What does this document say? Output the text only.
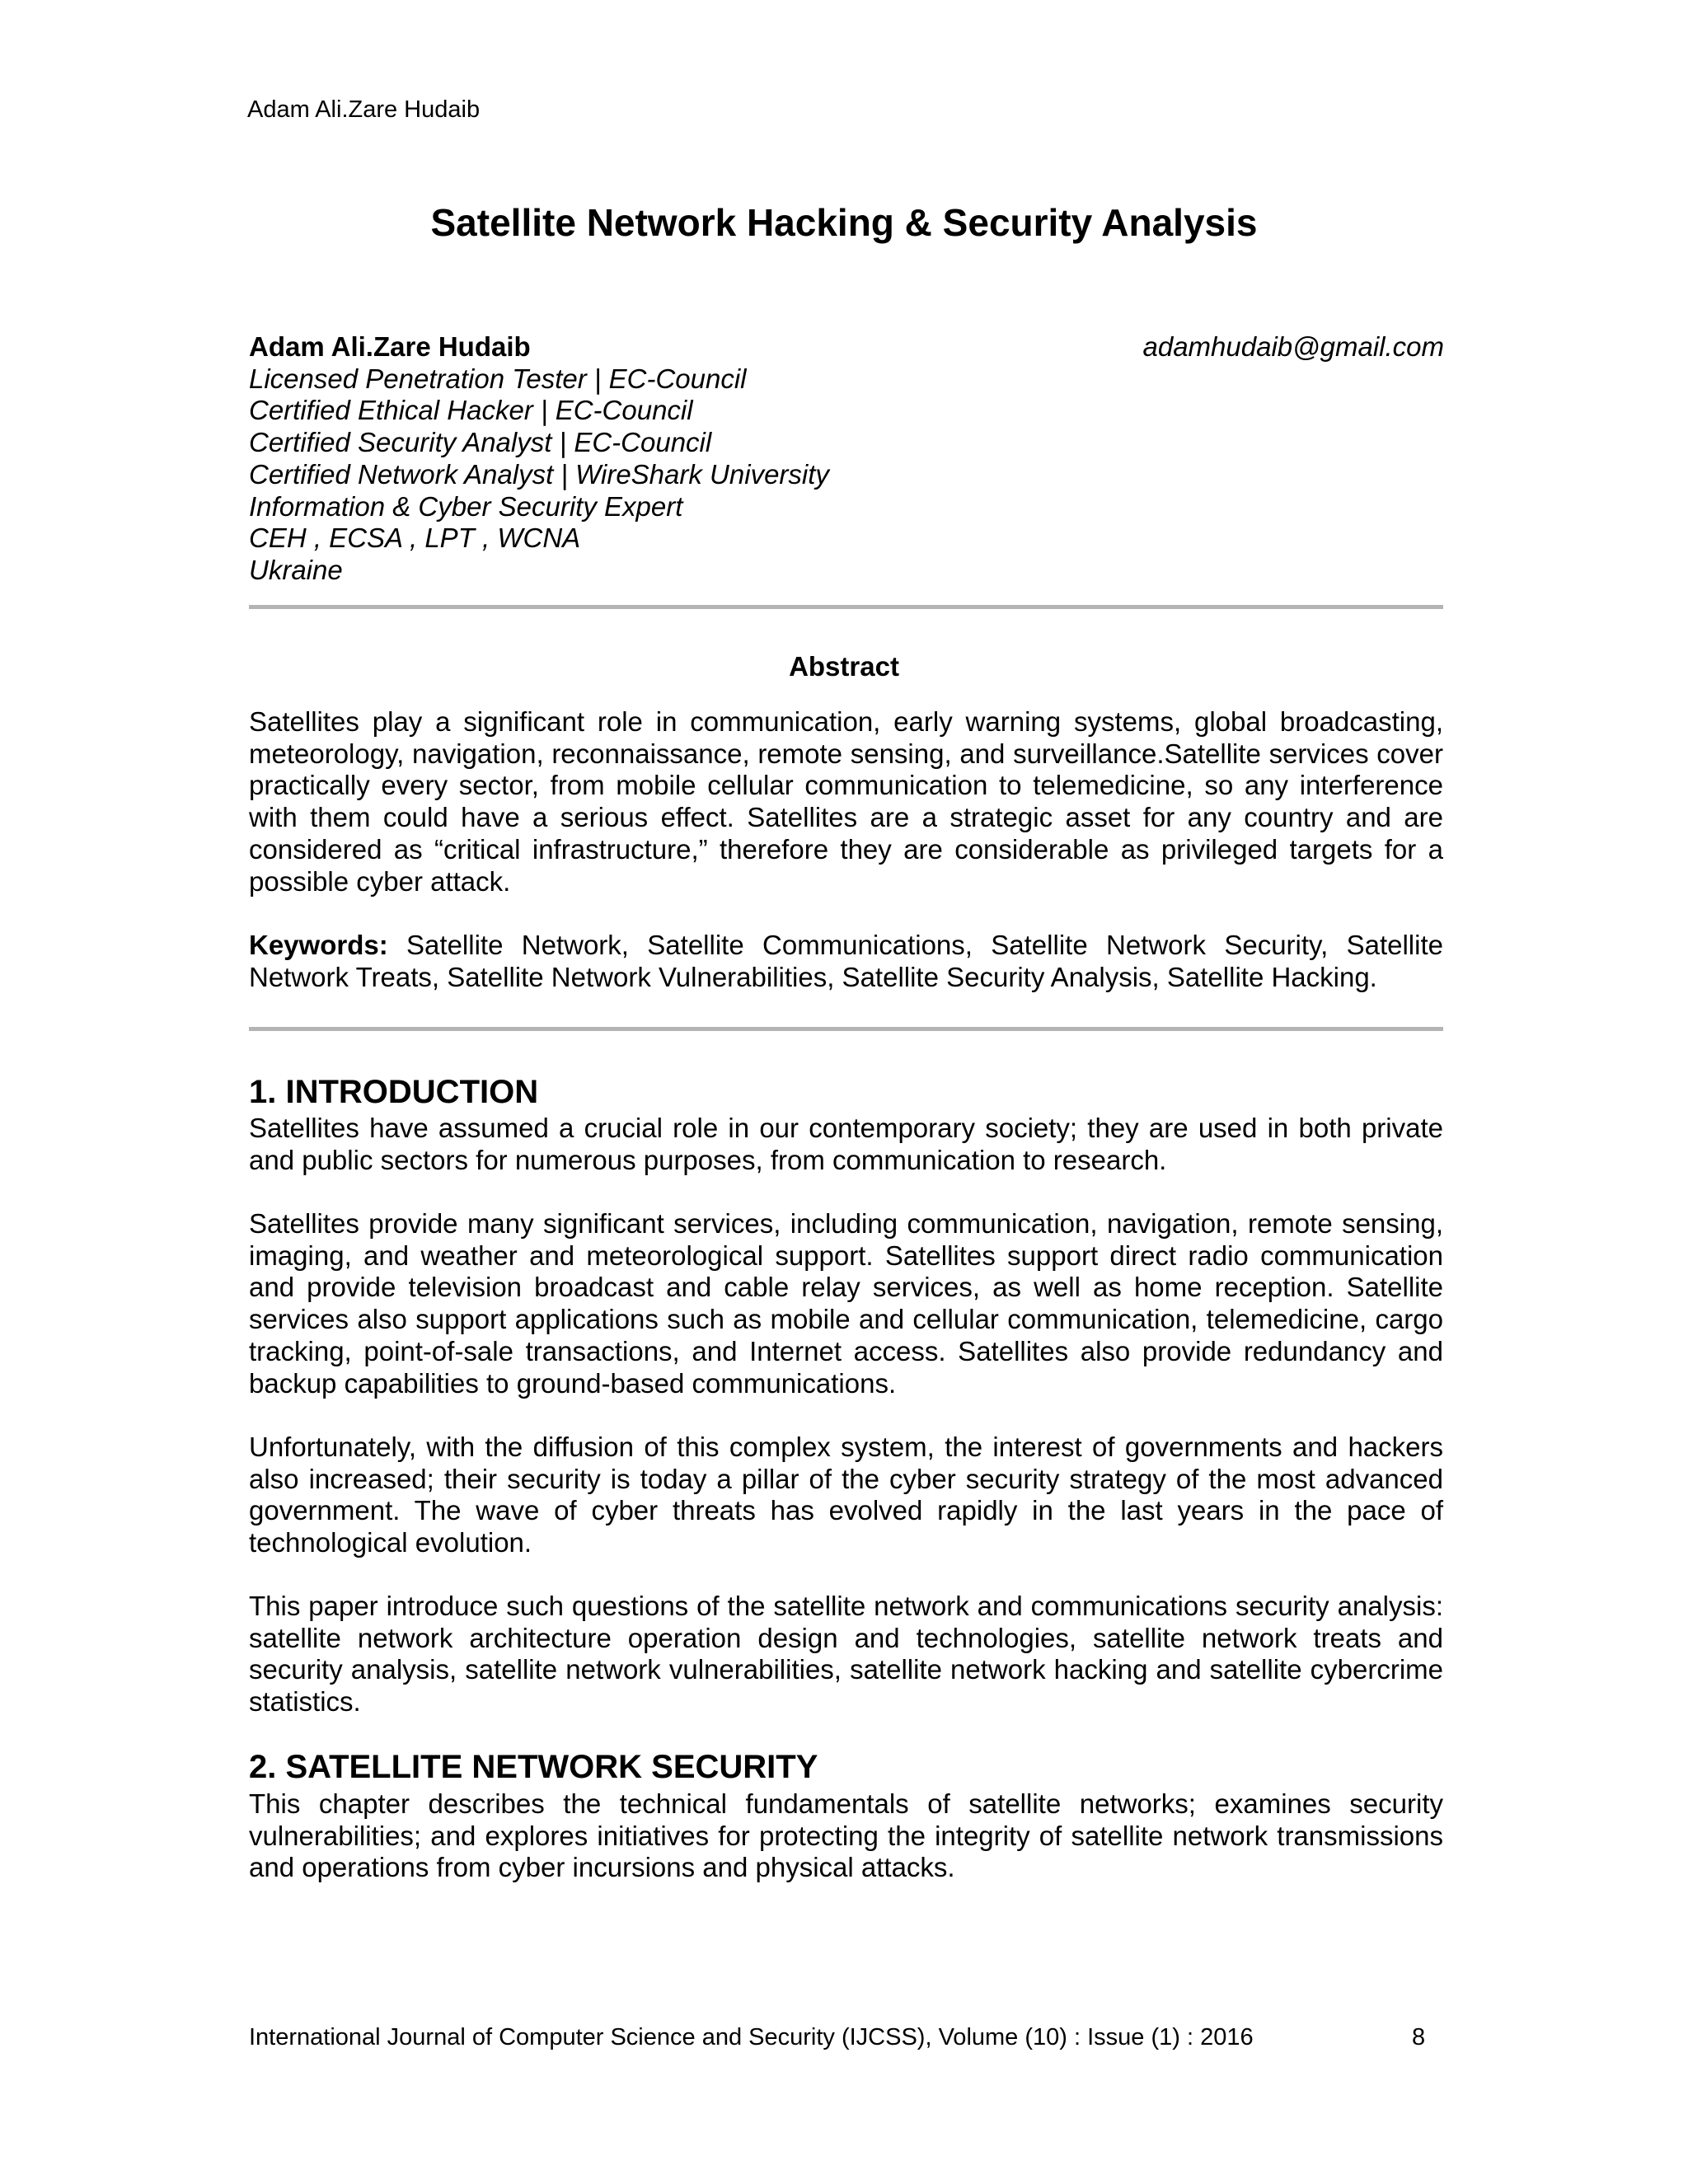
Adam Ali.Zare Hudaib
Satellite Network Hacking & Security Analysis
Adam Ali.Zare Hudaib	adamhudaib@gmail.com
Licensed Penetration Tester | EC-Council
Certified Ethical Hacker | EC-Council
Certified Security Analyst | EC-Council
Certified Network Analyst | WireShark University
Information & Cyber Security Expert
CEH , ECSA , LPT , WCNA
Ukraine
Abstract
Satellites play a significant role in communication, early warning systems, global broadcasting, meteorology, navigation, reconnaissance, remote sensing, and surveillance.Satellite services cover practically every sector, from mobile cellular communication to telemedicine, so any interference with them could have a serious effect. Satellites are a strategic asset for any country and are considered as “critical infrastructure,” therefore they are considerable as privileged targets for a possible cyber attack.
Keywords: Satellite Network, Satellite Communications, Satellite Network Security, Satellite Network Treats, Satellite Network Vulnerabilities, Satellite Security Analysis, Satellite Hacking.
1. INTRODUCTION
Satellites have assumed a crucial role in our contemporary society; they are used in both private and public sectors for numerous purposes, from communication to research.
Satellites provide many significant services, including communication, navigation, remote sensing, imaging, and weather and meteorological support. Satellites support direct radio communication and provide television broadcast and cable relay services, as well as home reception. Satellite services also support applications such as mobile and cellular communication, telemedicine, cargo tracking, point-of-sale transactions, and Internet access. Satellites also provide redundancy and backup capabilities to ground-based communications.
Unfortunately, with the diffusion of this complex system, the interest of governments and hackers also increased; their security is today a pillar of the cyber security strategy of the most advanced government. The wave of cyber threats has evolved rapidly in the last years in the pace of technological evolution.
This paper introduce such questions of the satellite network and communications security analysis: satellite network architecture operation design and technologies, satellite network treats and security analysis, satellite network vulnerabilities, satellite network hacking and satellite cybercrime statistics.
2. SATELLITE NETWORK SECURITY
This chapter describes the technical fundamentals of satellite networks; examines security vulnerabilities; and explores initiatives for protecting the integrity of satellite network transmissions and operations from cyber incursions and physical attacks.
International Journal of Computer Science and Security (IJCSS), Volume (10) : Issue (1) : 2016	8
